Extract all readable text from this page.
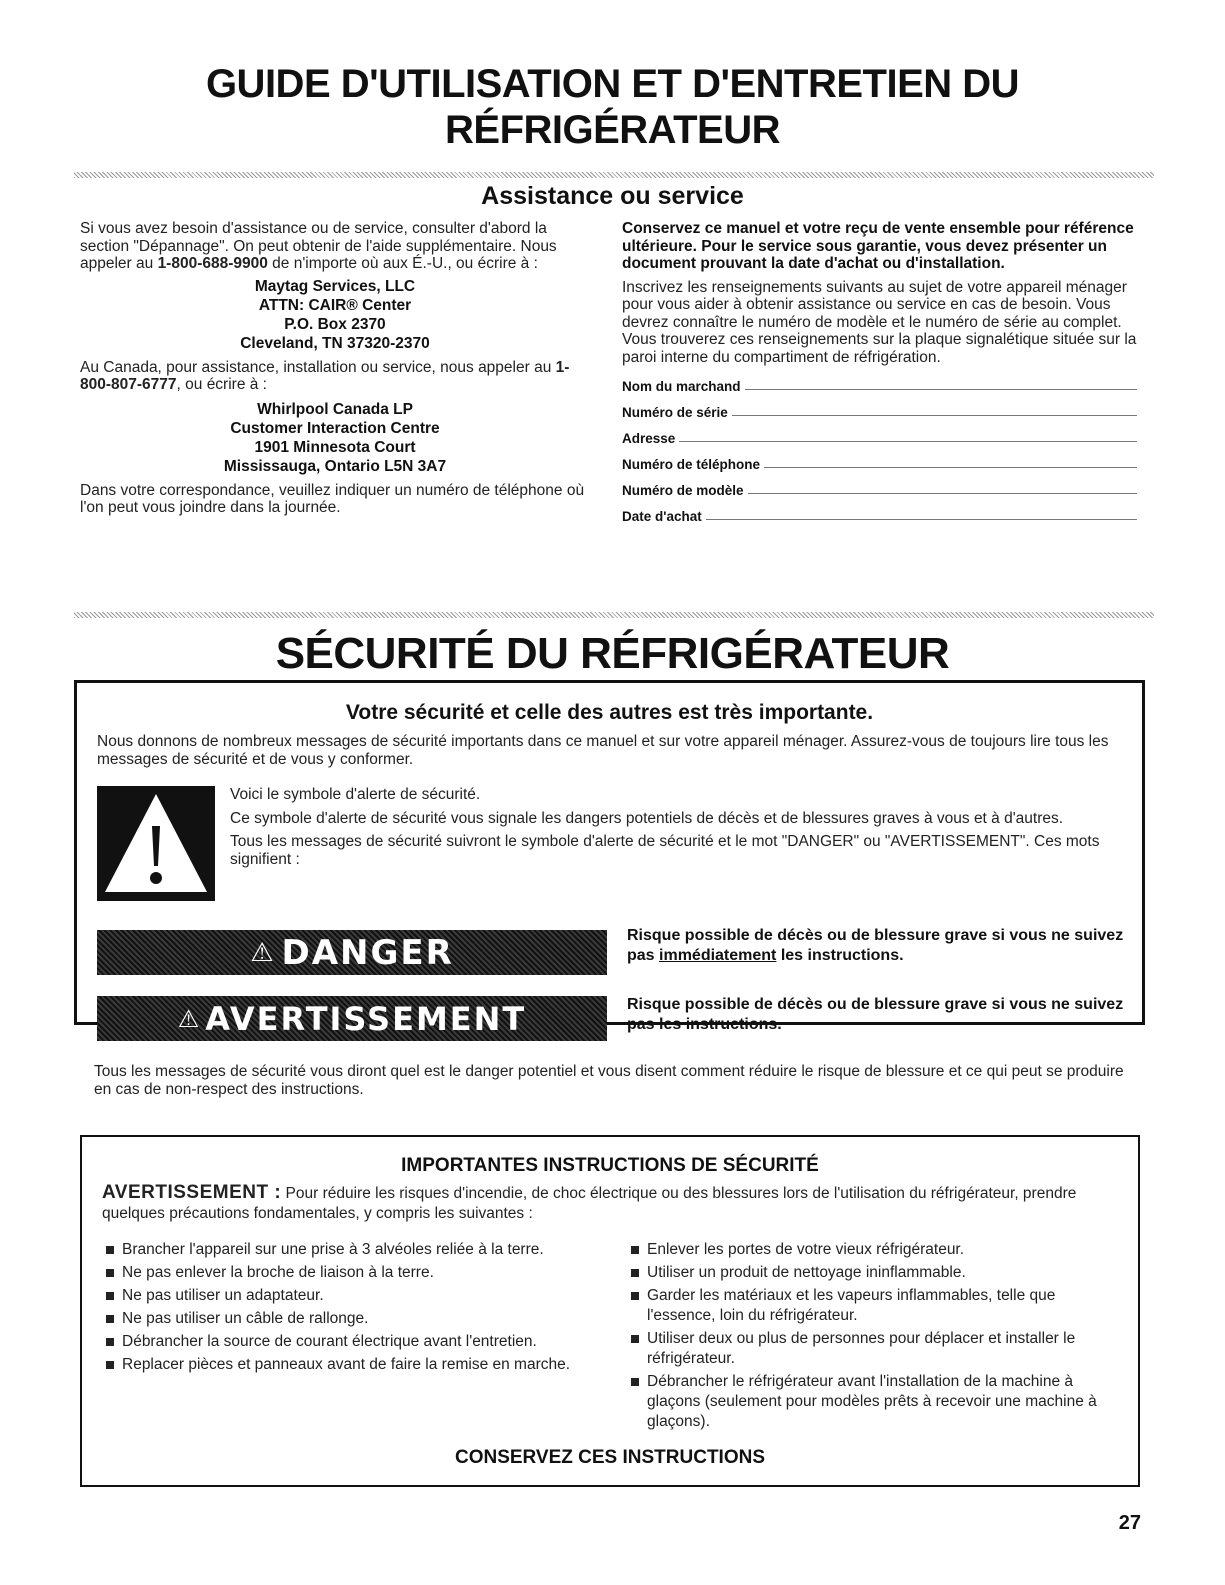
GUIDE D'UTILISATION ET D'ENTRETIEN DU
RÉFRIGÉRATEUR
Assistance ou service
Si vous avez besoin d'assistance ou de service, consulter d'abord la section "Dépannage". On peut obtenir de l'aide supplémentaire. Nous appeler au 1-800-688-9900 de n'importe où aux É.-U., ou écrire à :
Maytag Services, LLC
ATTN: CAIR® Center
P.O. Box 2370
Cleveland, TN 37320-2370
Au Canada, pour assistance, installation ou service, nous appeler au 1-800-807-6777, ou écrire à :
Whirlpool Canada LP
Customer Interaction Centre
1901 Minnesota Court
Mississauga, Ontario L5N 3A7
Dans votre correspondance, veuillez indiquer un numéro de téléphone où l'on peut vous joindre dans la journée.
Conservez ce manuel et votre reçu de vente ensemble pour référence ultérieure. Pour le service sous garantie, vous devez présenter un document prouvant la date d'achat ou d'installation.
Inscrivez les renseignements suivants au sujet de votre appareil ménager pour vous aider à obtenir assistance ou service en cas de besoin. Vous devrez connaître le numéro de modèle et le numéro de série au complet. Vous trouverez ces renseignements sur la plaque signalétique située sur la paroi interne du compartiment de réfrigération.
Nom du marchand
Numéro de série
Adresse
Numéro de téléphone
Numéro de modèle
Date d'achat
SÉCURITÉ DU RÉFRIGÉRATEUR
Votre sécurité et celle des autres est très importante.
Nous donnons de nombreux messages de sécurité importants dans ce manuel et sur votre appareil ménager. Assurez-vous de toujours lire tous les messages de sécurité et de vous y conformer.
Voici le symbole d'alerte de sécurité.
Ce symbole d'alerte de sécurité vous signale les dangers potentiels de décès et de blessures graves à vous et à d'autres.
Tous les messages de sécurité suivront le symbole d'alerte de sécurité et le mot "DANGER" ou "AVERTISSEMENT". Ces mots signifient :
⚠ DANGER	Risque possible de décès ou de blessure grave si vous ne suivez pas immédiatement les instructions.
⚠ AVERTISSEMENT	Risque possible de décès ou de blessure grave si vous ne suivez pas les instructions.
Tous les messages de sécurité vous diront quel est le danger potentiel et vous disent comment réduire le risque de blessure et ce qui peut se produire en cas de non-respect des instructions.
IMPORTANTES INSTRUCTIONS DE SÉCURITÉ
AVERTISSEMENT : Pour réduire les risques d'incendie, de choc électrique ou des blessures lors de l'utilisation du réfrigérateur, prendre quelques précautions fondamentales, y compris les suivantes :
Brancher l'appareil sur une prise à 3 alvéoles reliée à la terre.
Ne pas enlever la broche de liaison à la terre.
Ne pas utiliser un adaptateur.
Ne pas utiliser un câble de rallonge.
Débrancher la source de courant électrique avant l'entretien.
Replacer pièces et panneaux avant de faire la remise en marche.
Enlever les portes de votre vieux réfrigérateur.
Utiliser un produit de nettoyage ininflammable.
Garder les matériaux et les vapeurs inflammables, telle que l'essence, loin du réfrigérateur.
Utiliser deux ou plus de personnes pour déplacer et installer le réfrigérateur.
Débrancher le réfrigérateur avant l'installation de la machine à glaçons (seulement pour modèles prêts à recevoir une machine à glaçons).
CONSERVEZ CES INSTRUCTIONS
27
